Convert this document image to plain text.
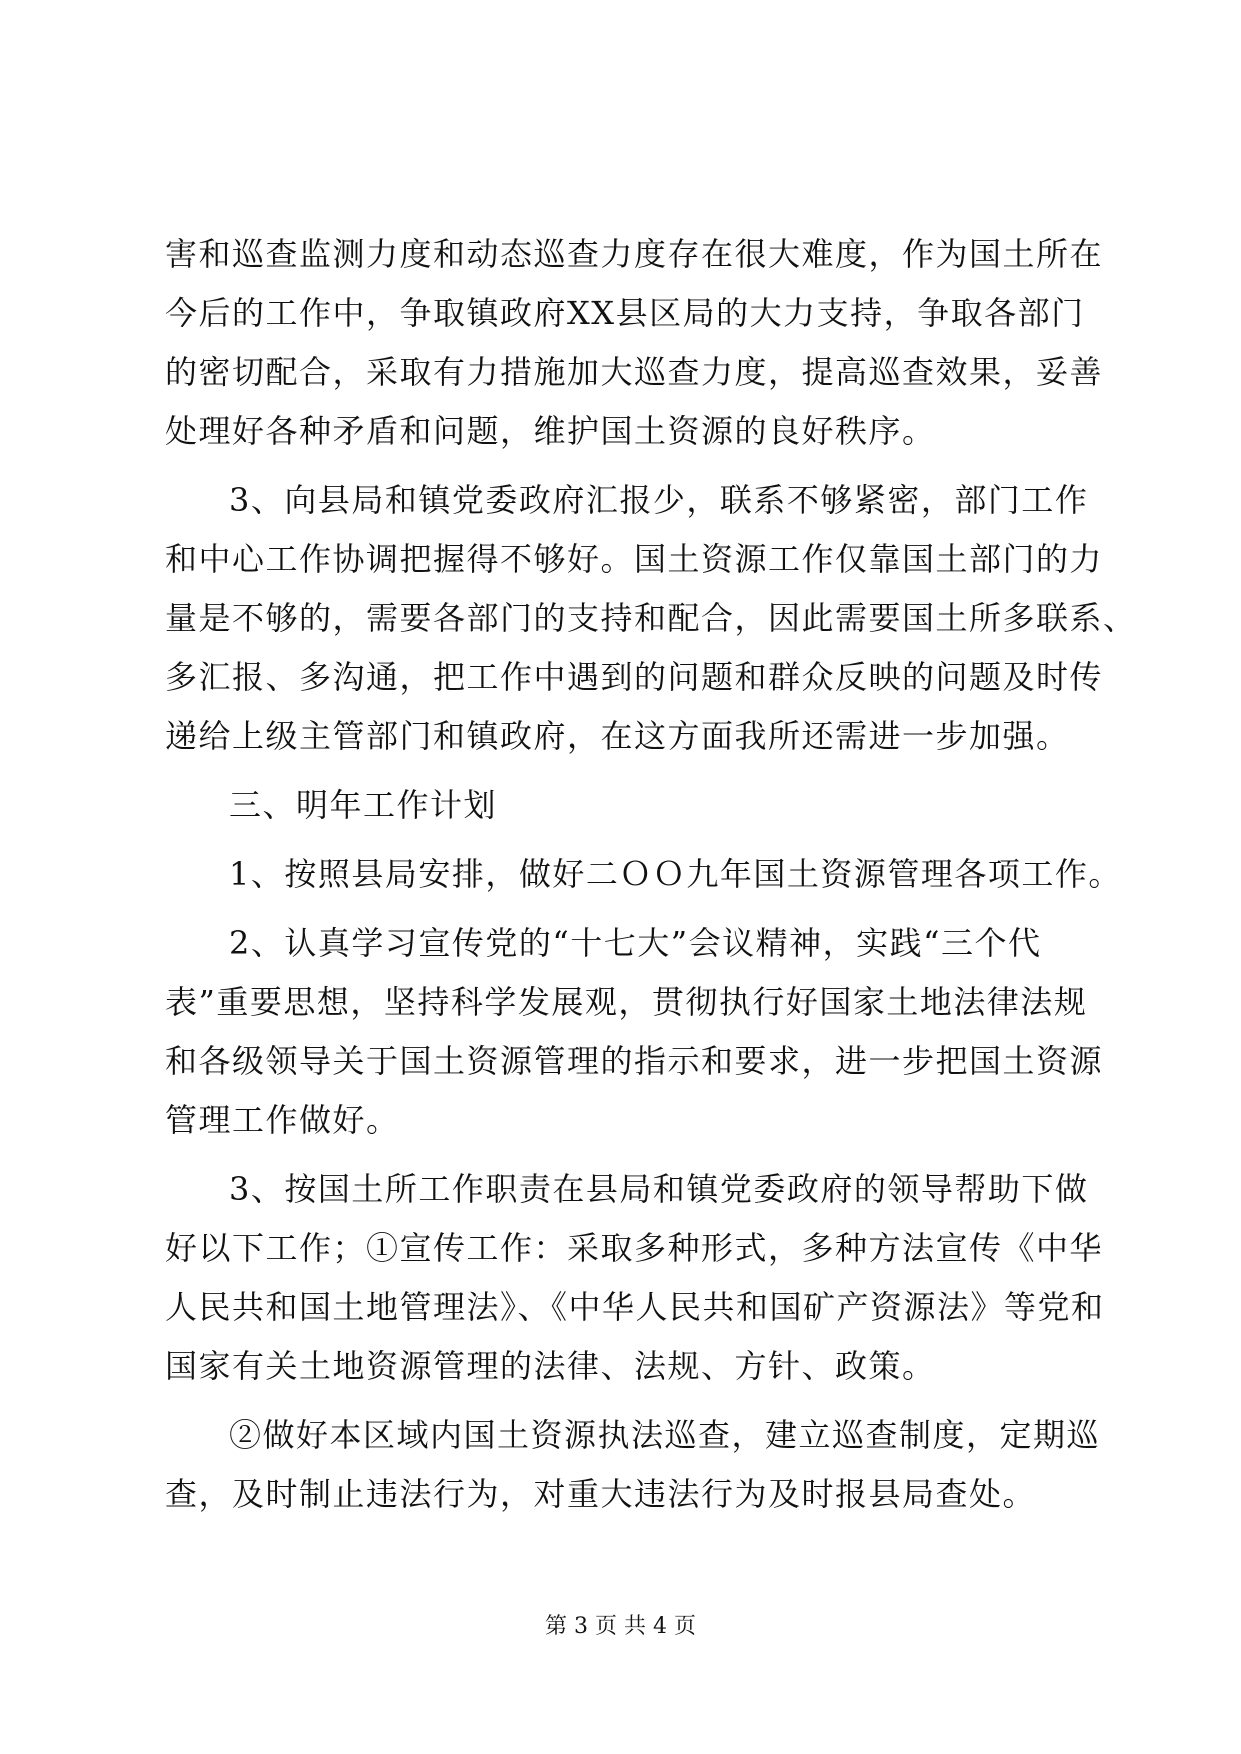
害和巡查监测力度和动态巡查力度存在很大难度，作为国土所在
今后的工作中，争取镇政府XX县区局的大力支持，争取各部门
的密切配合，采取有力措施加大巡查力度，提高巡查效果，妥善
处理好各种矛盾和问题，维护国土资源的良好秩序。
3、向县局和镇党委政府汇报少，联系不够紧密，部门工作
和中心工作协调把握得不够好。国土资源工作仅靠国土部门的力
量是不够的，需要各部门的支持和配合，因此需要国土所多联系、
多汇报、多沟通，把工作中遇到的问题和群众反映的问题及时传
递给上级主管部门和镇政府，在这方面我所还需进一步加强。
三、明年工作计划
1、按照县局安排，做好二ＯＯ九年国土资源管理各项工作。
2、认真学习宣传党的“十七大”会议精神，实践“三个代
表”重要思想，坚持科学发展观，贯彻执行好国家土地法律法规
和各级领导关于国土资源管理的指示和要求，进一步把国土资源
管理工作做好。
3、按国土所工作职责在县局和镇党委政府的领导帮助下做
好以下工作；①宣传工作：采取多种形式，多种方法宣传《中华
人民共和国土地管理法》、《中华人民共和国矿产资源法》等党和
国家有关土地资源管理的法律、法规、方针、政策。
②做好本区域内国土资源执法巡查，建立巡查制度，定期巡
查，及时制止违法行为，对重大违法行为及时报县局查处。
第 3 页 共 4 页
